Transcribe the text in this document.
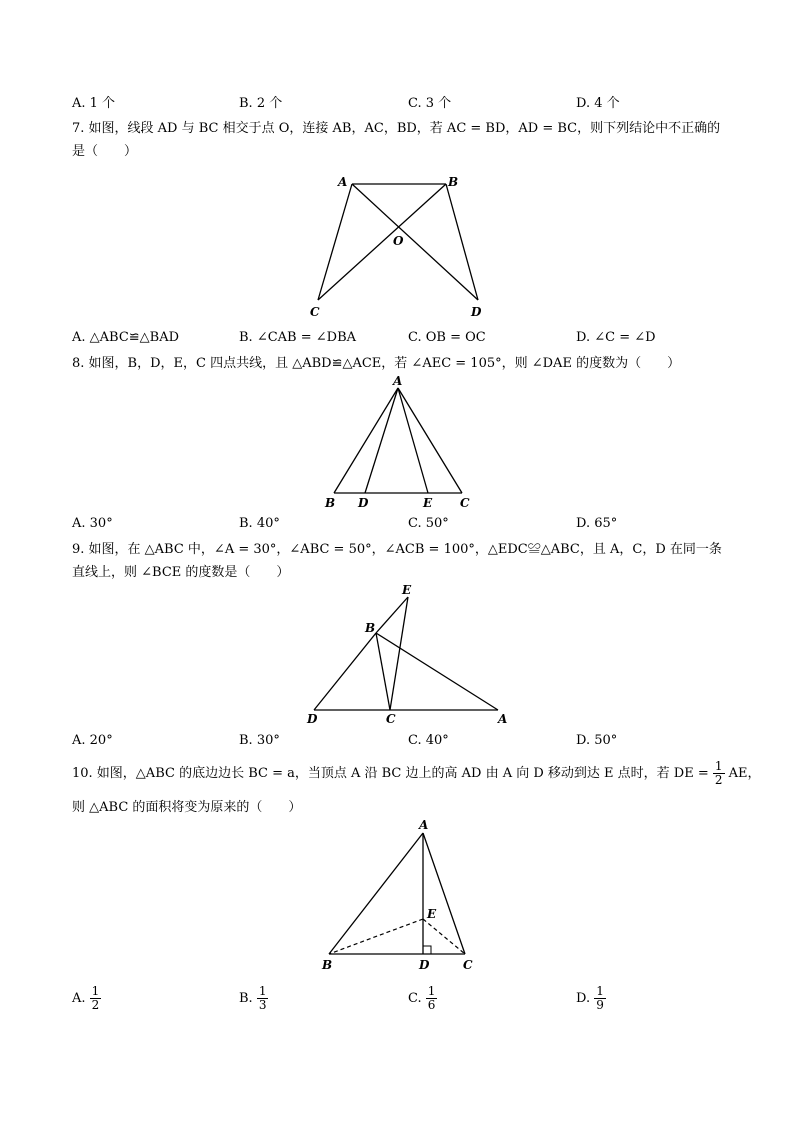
A. 1 个	B. 2 个	C. 3 个	D. 4 个
7. 如图，线段 AD 与 BC 相交于点 O，连接 AB，AC，BD，若 AC = BD，AD = BC，则下列结论中不正确的
是（　　）
A	B
O
C	D
A. △ABC≌△BAD	B. ∠CAB = ∠DBA	C. OB = OC	D. ∠C = ∠D
8. 如图，B，D，E，C 四点共线，且 △ABD≌△ACE，若 ∠AEC = 105°，则 ∠DAE 的度数为（　　）
A
B D	E C
A. 30°	B. 40°	C. 50°	D. 65°
9. 如图，在 △ABC 中，∠A = 30°，∠ABC = 50°，∠ACB = 100°，△EDC≌△ABC，且 A，C，D 在同一条
直线上，则 ∠BCE 的度数是（　　）
E
B
D	C	A
A. 20°	B. 30°	C. 40°	D. 50°
10. 如图，△ABC 的底边边长 BC = a，当顶点 A 沿 BC 边上的高 AD 由 A 向 D 移动到达 E 点时，若 DE = $\frac{1}{2}$ AE，
则 △ABC 的面积将变为原来的（　　）
A
E
B	D	C
A. $\frac{1}{2}$	B. $\frac{1}{3}$	C. $\frac{1}{6}$	D. $\frac{1}{9}$
